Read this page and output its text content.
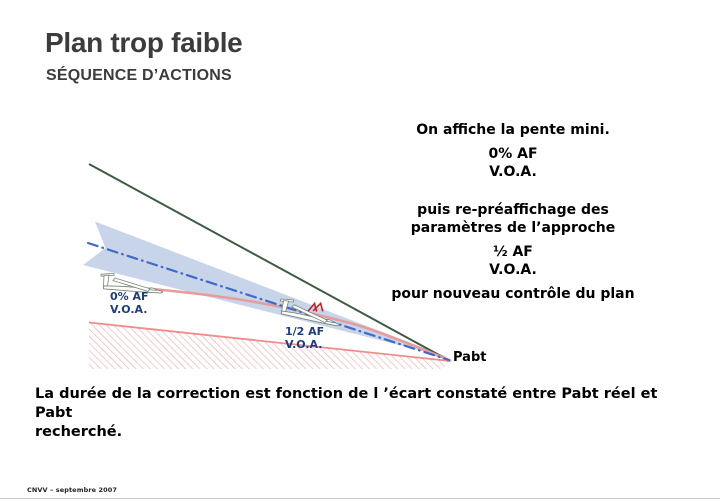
Plan trop faible
SÉQUENCE D’ACTIONS
0% AF
V.O.A.
1/2 AF
V.O.A.
Pabt

On affiche la pente mini.

0% AF

V.O.A.

puis re-préaffichage des

paramètres de l’approche

½ AF

V.O.A.

pour nouveau contrôle du plan

La durée de la correction est fonction de l ’écart constaté entre Pabt réel et Pabt
recherché.
CNVV – septembre 2007
